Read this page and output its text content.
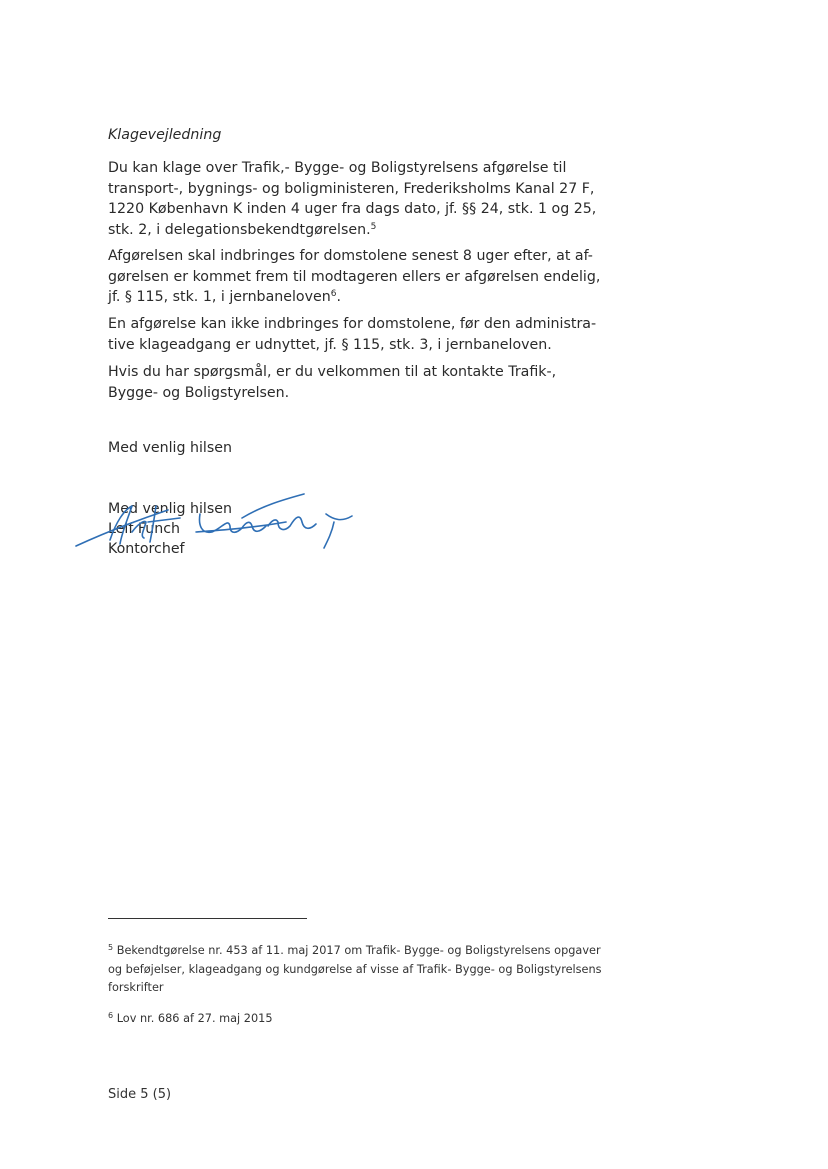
Klagevejledning

Du kan klage over Trafik,- Bygge- og Boligstyrelsens afgørelse til
transport-, bygnings- og boligministeren, Frederiksholms Kanal 27 F,
1220 København K inden 4 uger fra dags dato, jf. §§ 24, stk. 1 og 25,
stk. 2, i delegationsbekendtgørelsen.$^5$

Afgørelsen skal indbringes for domstolene senest 8 uger efter, at af-
gørelsen er kommet frem til modtageren ellers er afgørelsen endelig,
jf. § 115, stk. 1, i jernbaneloven$^6$.

En afgørelse kan ikke indbringes for domstolene, før den administra-
tive klageadgang er udnyttet, jf. § 115, stk. 3, i jernbaneloven.

Hvis du har spørgsmål, er du velkommen til at kontakte Trafik-,
Bygge- og Boligstyrelsen.

Med venlig hilsen
Med venlig hilsen
Leif Funch
Kontorchef
$^5$ Bekendtgørelse nr. 453 af 11. maj 2017 om Trafik- Bygge- og Boligstyrelsens opgaver
og beføjelser, klageadgang og kundgørelse af visse af Trafik- Bygge- og Boligstyrelsens
forskrifter
$^6$ Lov nr. 686 af 27. maj 2015
Side 5 (5)
